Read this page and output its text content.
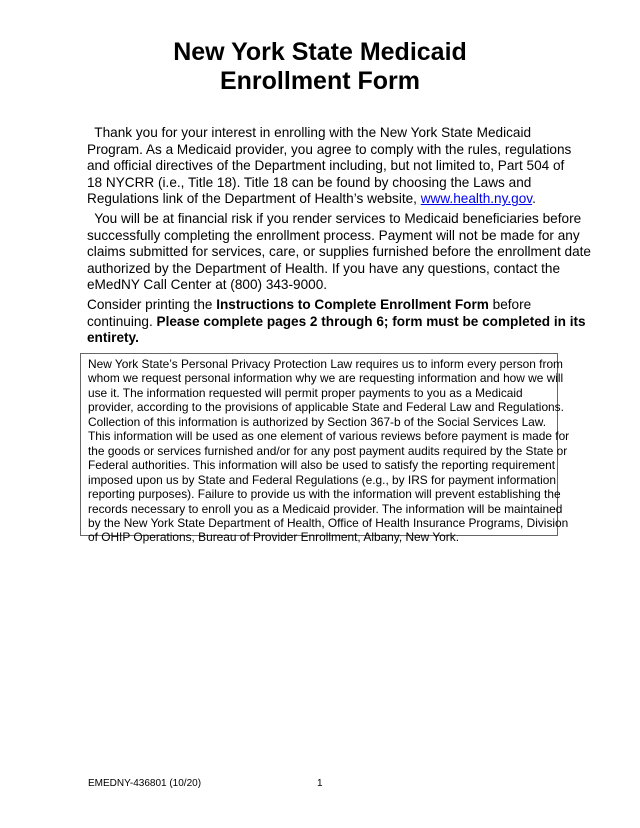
New York State Medicaid
Enrollment Form
Thank you for your interest in enrolling with the New York State Medicaid
Program. As a Medicaid provider, you agree to comply with the rules, regulations
and official directives of the Department including, but not limited to, Part 504 of
18 NYCRR (i.e., Title 18). Title 18 can be found by choosing the Laws and
Regulations link of the Department of Health’s website, www.health.ny.gov.
You will be at financial risk if you render services to Medicaid beneficiaries before
successfully completing the enrollment process. Payment will not be made for any
claims submitted for services, care, or supplies furnished before the enrollment date
authorized by the Department of Health. If you have any questions, contact the
eMedNY Call Center at (800) 343-9000.
Consider printing the Instructions to Complete Enrollment Form before
continuing. Please complete pages 2 through 6; form must be completed in its
entirety.
New York State’s Personal Privacy Protection Law requires us to inform every person from
whom we request personal information why we are requesting information and how we will
use it. The information requested will permit proper payments to you as a Medicaid
provider, according to the provisions of applicable State and Federal Law and Regulations.
Collection of this information is authorized by Section 367-b of the Social Services Law.
This information will be used as one element of various reviews before payment is made for
the goods or services furnished and/or for any post payment audits required by the State or
Federal authorities. This information will also be used to satisfy the reporting requirement
imposed upon us by State and Federal Regulations (e.g., by IRS for payment information
reporting purposes). Failure to provide us with the information will prevent establishing the
records necessary to enroll you as a Medicaid provider. The information will be maintained
by the New York State Department of Health, Office of Health Insurance Programs, Division
of OHIP Operations, Bureau of Provider Enrollment, Albany, New York.
EMEDNY-436801 (10/20)	1
